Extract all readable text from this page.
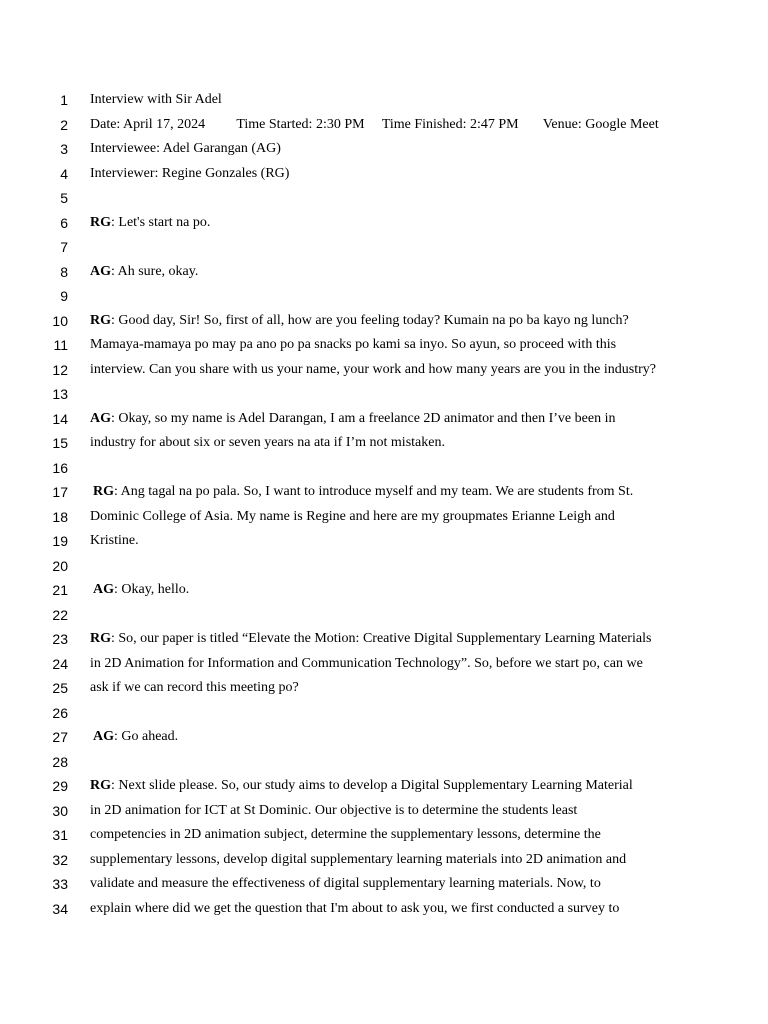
1 Interview with Sir Adel
2 Date: April 17, 2024         Time Started: 2:30 PM     Time Finished: 2:47 PM       Venue: Google Meet
3 Interviewee: Adel Garangan (AG)
4 Interviewer: Regine Gonzales (RG)
5
6 RG: Let's start na po.
7
8 AG: Ah sure, okay.
9
10 RG: Good day, Sir! So, first of all, how are you feeling today? Kumain na po ba kayo ng lunch?
11 Mamaya-mamaya po may pa ano po pa snacks po kami sa inyo. So ayun, so proceed with this
12 interview. Can you share with us your name, your work and how many years are you in the industry?
13
14 AG: Okay, so my name is Adel Darangan, I am a freelance 2D animator and then I’ve been in
15 industry for about six or seven years na ata if I’m not mistaken.
16
17 RG: Ang tagal na po pala. So, I want to introduce myself and my team. We are students from St.
18 Dominic College of Asia. My name is Regine and here are my groupmates Erianne Leigh and
19 Kristine.
20
21 AG: Okay, hello.
22
23 RG: So, our paper is titled “Elevate the Motion: Creative Digital Supplementary Learning Materials
24 in 2D Animation for Information and Communication Technology”. So, before we start po, can we
25 ask if we can record this meeting po?
26
27 AG: Go ahead.
28
29 RG: Next slide please. So, our study aims to develop a Digital Supplementary Learning Material
30 in 2D animation for ICT at St Dominic. Our objective is to determine the students least
31 competencies in 2D animation subject, determine the supplementary lessons, determine the
32 supplementary lessons, develop digital supplementary learning materials into 2D animation and
33 validate and measure the effectiveness of digital supplementary learning materials. Now, to
34 explain where did we get the question that I'm about to ask you, we first conducted a survey to
